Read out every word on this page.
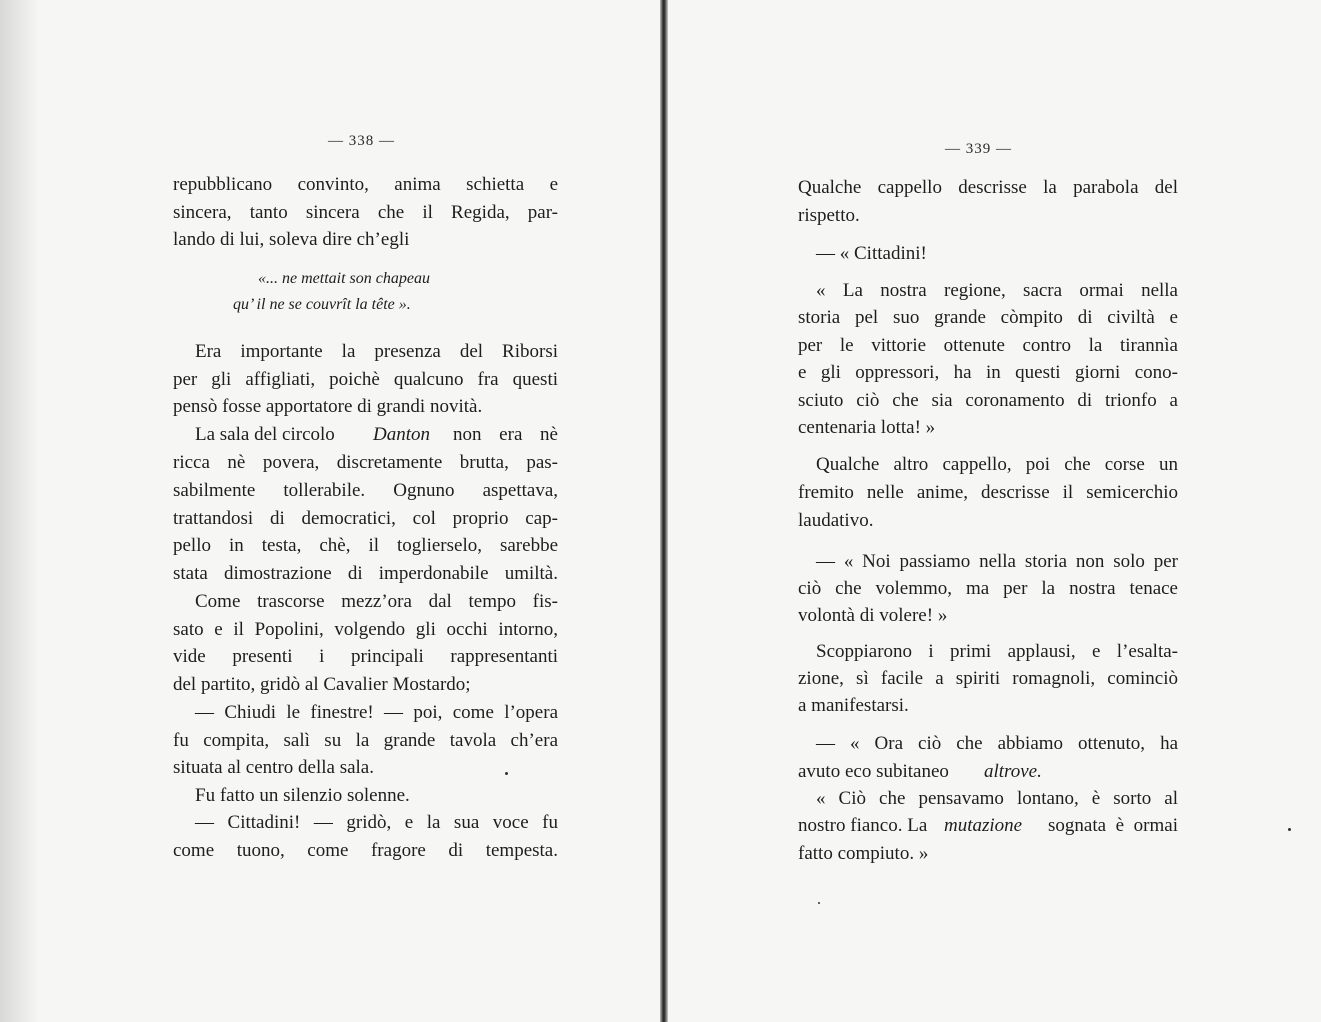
— 338 —
repubblicano convinto, anima schietta e
sincera, tanto sincera che il Regida, par-
lando di lui, soleva dire ch’egli
«... ne mettait son chapeau
qu’ il ne se couvrît la tête ».
Era importante la presenza del Riborsi
per gli affigliati, poichè qualcuno fra questi
pensò fosse apportatore di grandi novità.
La sala del circolo	Danton	non era nè
ricca nè povera, discretamente brutta, pas-
sabilmente tollerabile. Ognuno aspettava,
trattandosi di democratici, col proprio cap-
pello in testa, chè, il toglierselo, sarebbe
stata dimostrazione di imperdonabile umiltà.
Come trascorse mezz’ora dal tempo fis-
sato e il Popolini, volgendo gli occhi intorno,
vide presenti i principali rappresentanti
del partito, gridò al Cavalier Mostardo;
— Chiudi le finestre! — poi, come l’opera
fu compita, salì su la grande tavola ch’era
situata al centro della sala.
Fu fatto un silenzio solenne.
— Cittadini! — gridò, e la sua voce fu
come tuono, come fragore di tempesta.
— 339 —
Qualche cappello descrisse la parabola del
rispetto.
— « Cittadini!
« La nostra regione, sacra ormai nella
storia pel suo grande còmpito di civiltà e
per le vittorie ottenute contro la tirannìa
e gli oppressori, ha in questi giorni cono-
sciuto ciò che sia coronamento di trionfo a
centenaria lotta! »
Qualche altro cappello, poi che corse un
fremito nelle anime, descrisse il semicerchio
laudativo.
— « Noi passiamo nella storia non solo per
ciò che volemmo, ma per la nostra tenace
volontà di volere! »
Scoppiarono i primi applausi, e l’esalta-
zione, sì facile a spiriti romagnoli, cominciò
a manifestarsi.
— « Ora ciò che abbiamo ottenuto, ha
avuto eco subitaneo	altrove.
« Ciò che pensavamo lontano, è sorto al
nostro fianco. La mutazione	sognata è ormai
fatto compiuto. »
